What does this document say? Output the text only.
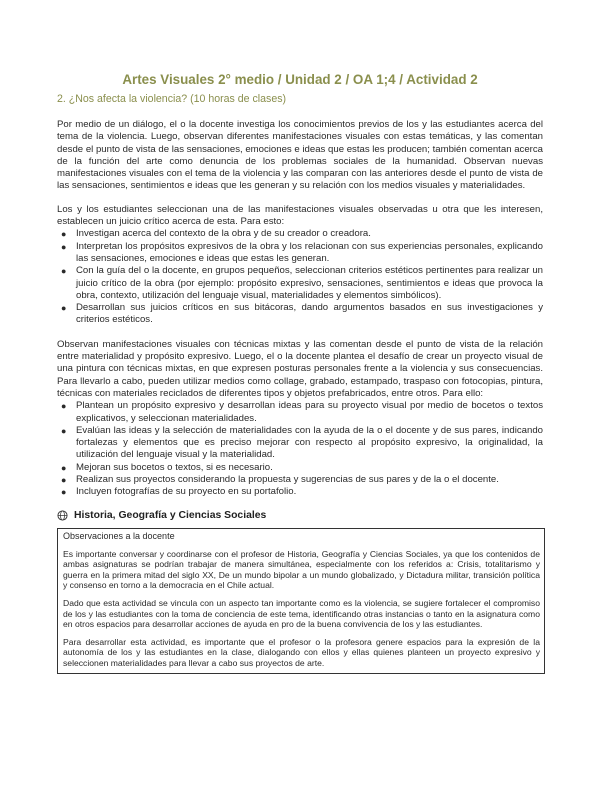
Artes Visuales 2° medio / Unidad 2 / OA 1;4 / Actividad 2
2. ¿Nos afecta la violencia? (10 horas de clases)

Por medio de un diálogo, el o la docente investiga los conocimientos previos de los y las estudiantes acerca del tema de la violencia. Luego, observan diferentes manifestaciones visuales con estas temáticas, y las comentan desde el punto de vista de las sensaciones, emociones e ideas que estas les producen; también comentan acerca de la función del arte como denuncia de los problemas sociales de la humanidad. Observan nuevas manifestaciones visuales con el tema de la violencia y las comparan con las anteriores desde el punto de vista de las sensaciones, sentimientos e ideas que les generan y su relación con los medios visuales y materialidades.

Los y los estudiantes seleccionan una de las manifestaciones visuales observadas u otra que les interesen, establecen un juicio crítico acerca de esta. Para esto:

● Investigan acerca del contexto de la obra y de su creador o creadora.
● Interpretan los propósitos expresivos de la obra y los relacionan con sus experiencias personales, explicando las sensaciones, emociones e ideas que estas les generan.
● Con la guía del o la docente, en grupos pequeños, seleccionan criterios estéticos pertinentes para realizar un juicio crítico de la obra (por ejemplo: propósito expresivo, sensaciones, sentimientos e ideas que provoca la obra, contexto, utilización del lenguaje visual, materialidades y elementos simbólicos).
● Desarrollan sus juicios críticos en sus bitácoras, dando argumentos basados en sus investigaciones y criterios estéticos.

Observan manifestaciones visuales con técnicas mixtas y las comentan desde el punto de vista de la relación entre materialidad y propósito expresivo. Luego, el o la docente plantea el desafío de crear un proyecto visual de una pintura con técnicas mixtas, en que expresen posturas personales frente a la violencia y sus consecuencias. Para llevarlo a cabo, pueden utilizar medios como collage, grabado, estampado, traspaso con fotocopias, pintura, técnicas con materiales reciclados de diferentes tipos y objetos prefabricados, entre otros. Para ello:

● Plantean un propósito expresivo y desarrollan ideas para su proyecto visual por medio de bocetos o textos explicativos, y seleccionan materialidades.
● Evalúan las ideas y la selección de materialidades con la ayuda de la o el docente y de sus pares, indicando fortalezas y elementos que es preciso mejorar con respecto al propósito expresivo, la originalidad, la utilización del lenguaje visual y la materialidad.
● Mejoran sus bocetos o textos, si es necesario.
● Realizan sus proyectos considerando la propuesta y sugerencias de sus pares y de la o el docente.
● Incluyen fotografías de su proyecto en su portafolio.
Historia, Geografía y Ciencias Sociales

Observaciones a la docente

Es importante conversar y coordinarse con el profesor de Historia, Geografía y Ciencias Sociales, ya que los contenidos de ambas asignaturas se podrían trabajar de manera simultánea, especialmente con los referidos a: Crisis, totalitarismo y guerra en la primera mitad del siglo XX, De un mundo bipolar a un mundo globalizado, y Dictadura militar, transición política y consenso en torno a la democracia en el Chile actual.

Dado que esta actividad se vincula con un aspecto tan importante como es la violencia, se sugiere fortalecer el compromiso de los y las estudiantes con la toma de conciencia de este tema, identificando otras instancias o tanto en la asignatura como en otros espacios para desarrollar acciones de ayuda en pro de la buena convivencia de los y las estudiantes.

Para desarrollar esta actividad, es importante que el profesor o la profesora genere espacios para la expresión de la autonomía de los y las estudiantes en la clase, dialogando con ellos y ellas quienes planteen un proyecto expresivo y seleccionen materialidades para llevar a cabo sus proyectos de arte.
